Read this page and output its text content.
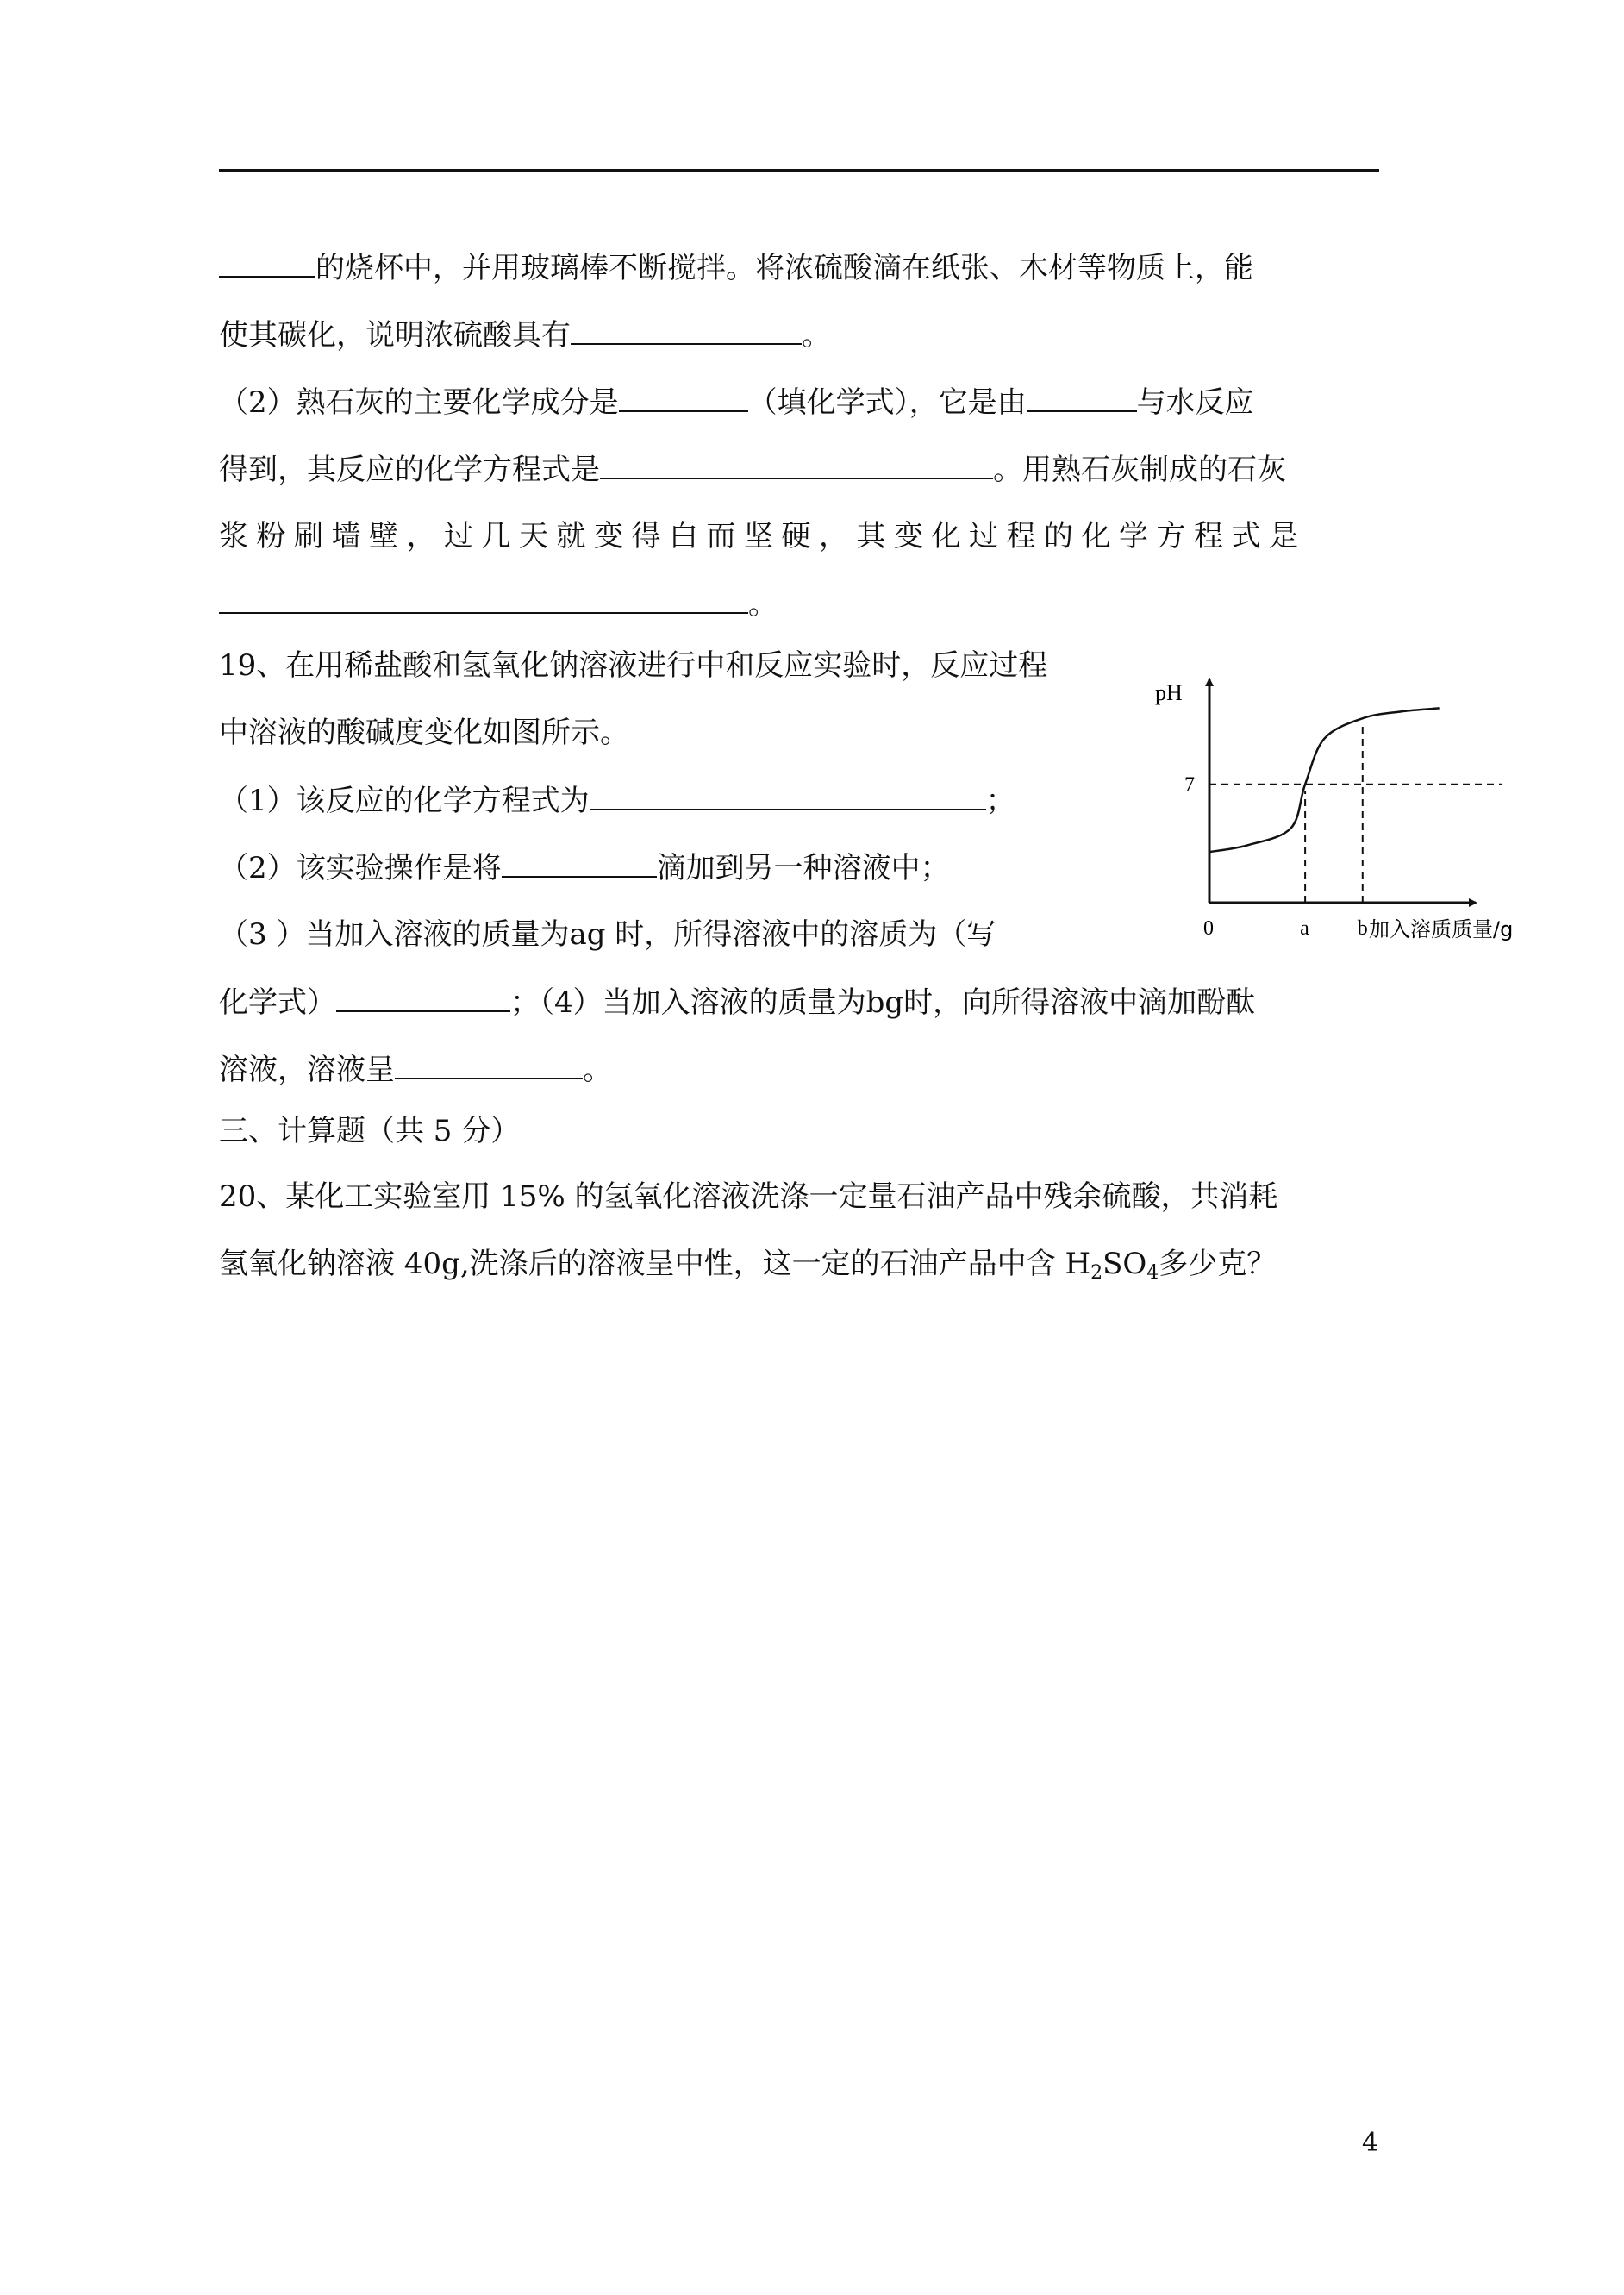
的烧杯中，并用玻璃棒不断搅拌。将浓硫酸滴在纸张、木材等物质上，能
使其碳化，说明浓硫酸具有	。
（2）熟石灰的主要化学成分是	（填化学式），它是由	与水反应
得到，其反应的化学方程式是	。用熟石灰制成的石灰
浆粉刷墙壁，过几天就变得白而坚硬，其变化过程的化学方程式是
。
19、在用稀盐酸和氢氧化钠溶液进行中和反应实验时，反应过程
中溶液的酸碱度变化如图所示。
（1）该反应的化学方程式为	；
（2）该实验操作是将	滴加到另一种溶液中；
（3 ）当加入溶液的质量为ag 时，所得溶液中的溶质为（写
化学式）	；（4）当加入溶液的质量为bg时，向所得溶液中滴加酚酞
溶液，溶液呈	。
三、计算题（共 5 分）
20、某化工实验室用 15% 的氢氧化溶液洗涤一定量石油产品中残余硫酸，共消耗
氢氧化钠溶液 40g,洗涤后的溶液呈中性，这一定的石油产品中含 $H_2SO_4$多少克？
pH
7
0	a b 加入溶质质量/g
4
